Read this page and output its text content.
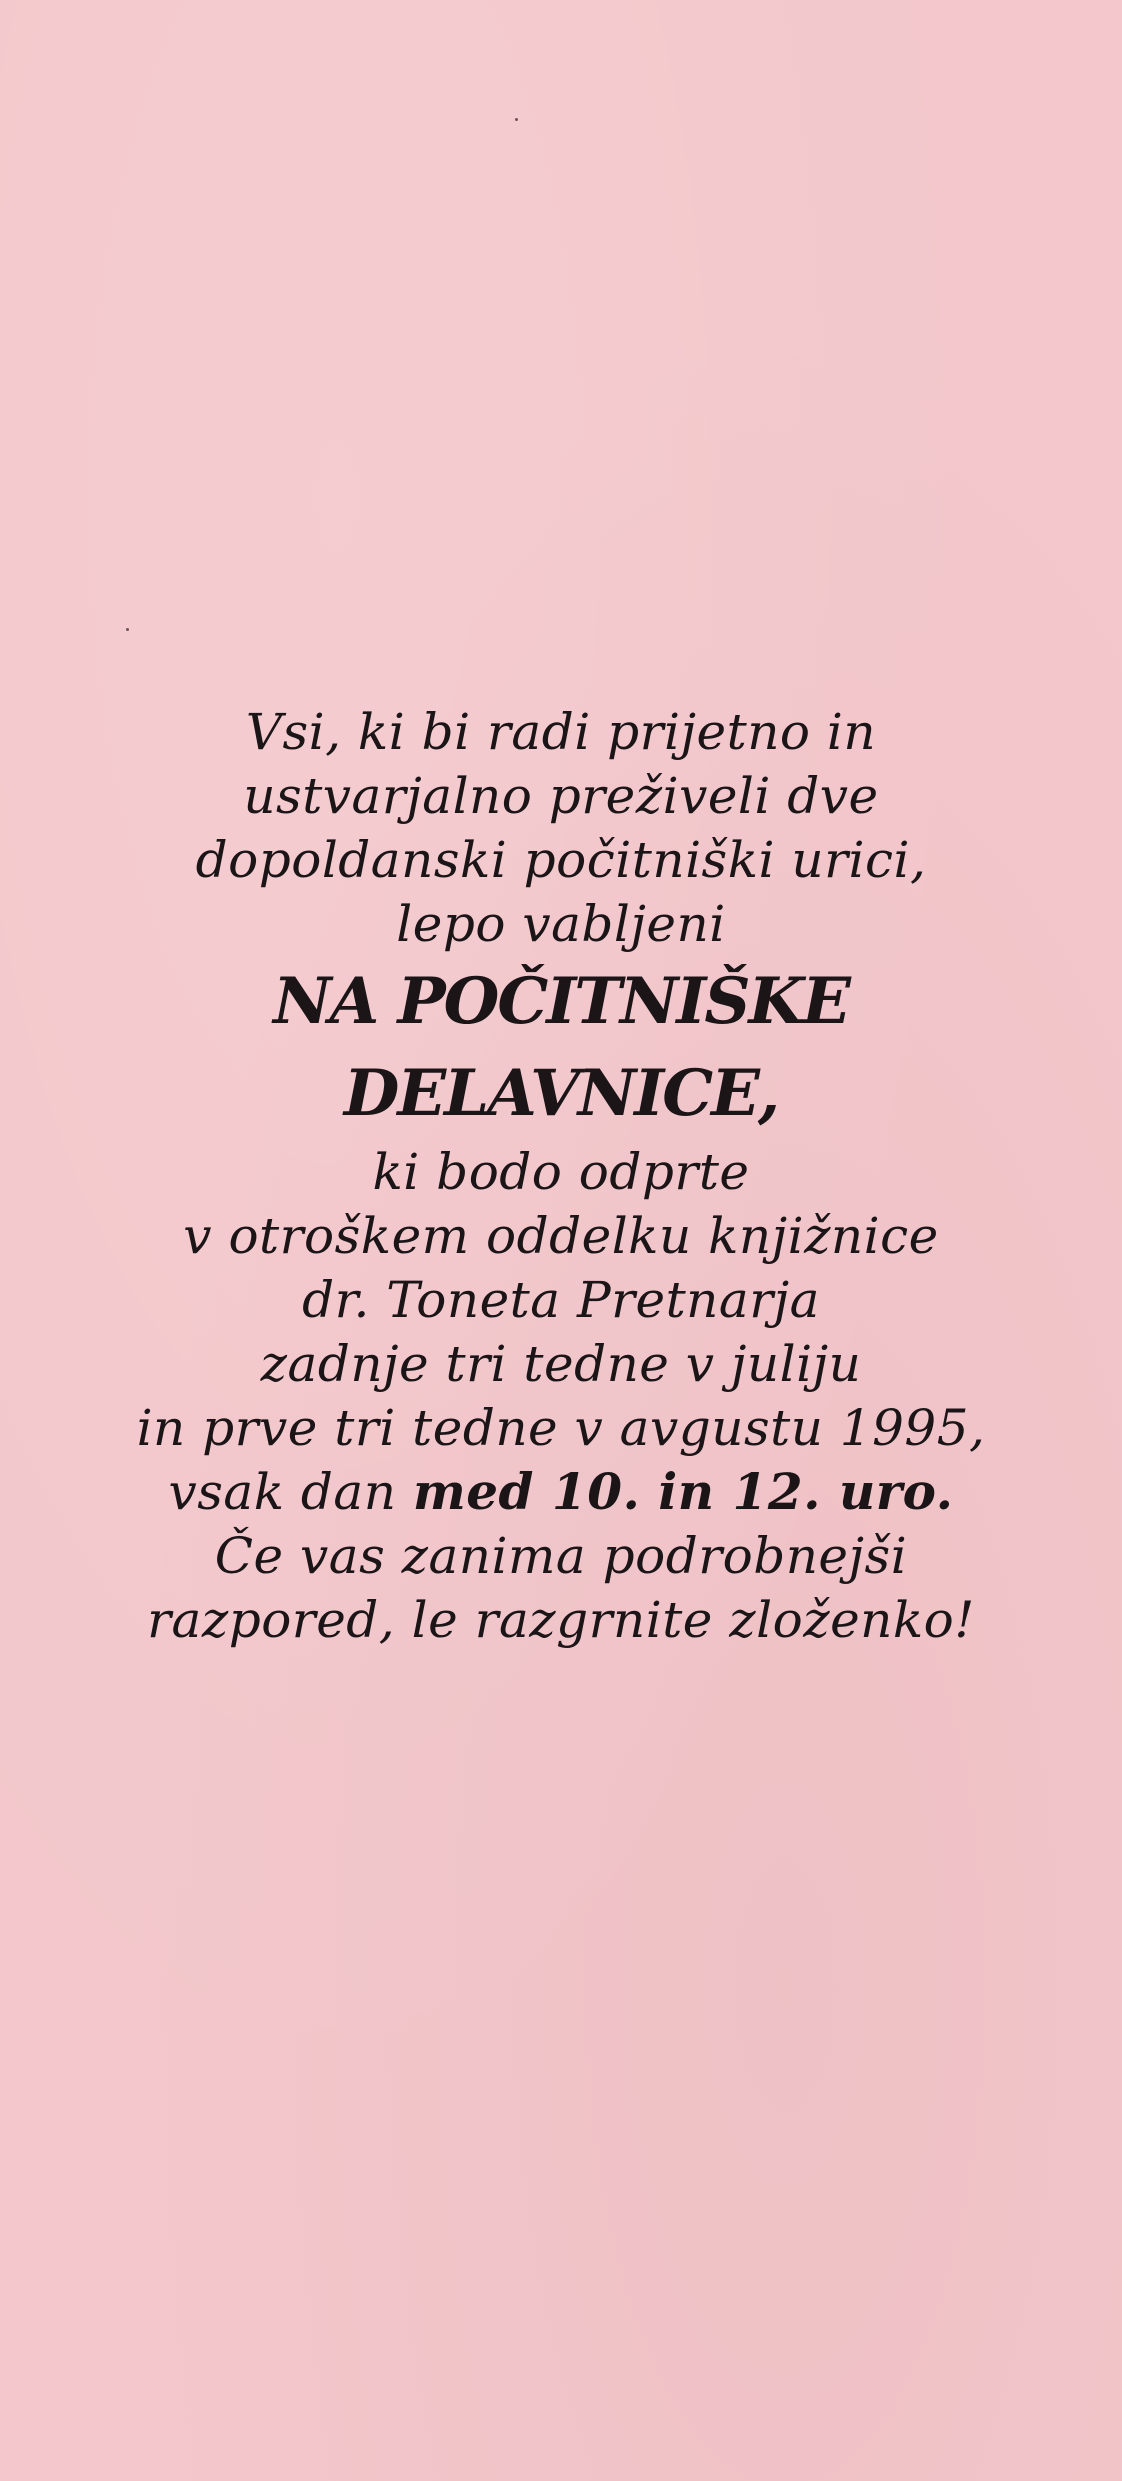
Vsi, ki bi radi prijetno in
ustvarjalno preživeli dve
dopoldanski počitniški urici,
lepo vabljeni
NA POČITNIŠKE
DELAVNICE,
ki bodo odprte
v otroškem oddelku knjižnice
dr. Toneta Pretnarja
zadnje tri tedne v juliju
in prve tri tedne v avgustu 1995,
vsak dan med 10. in 12. uro.
Če vas zanima podrobnejši
razpored, le razgrnite zloženko!
